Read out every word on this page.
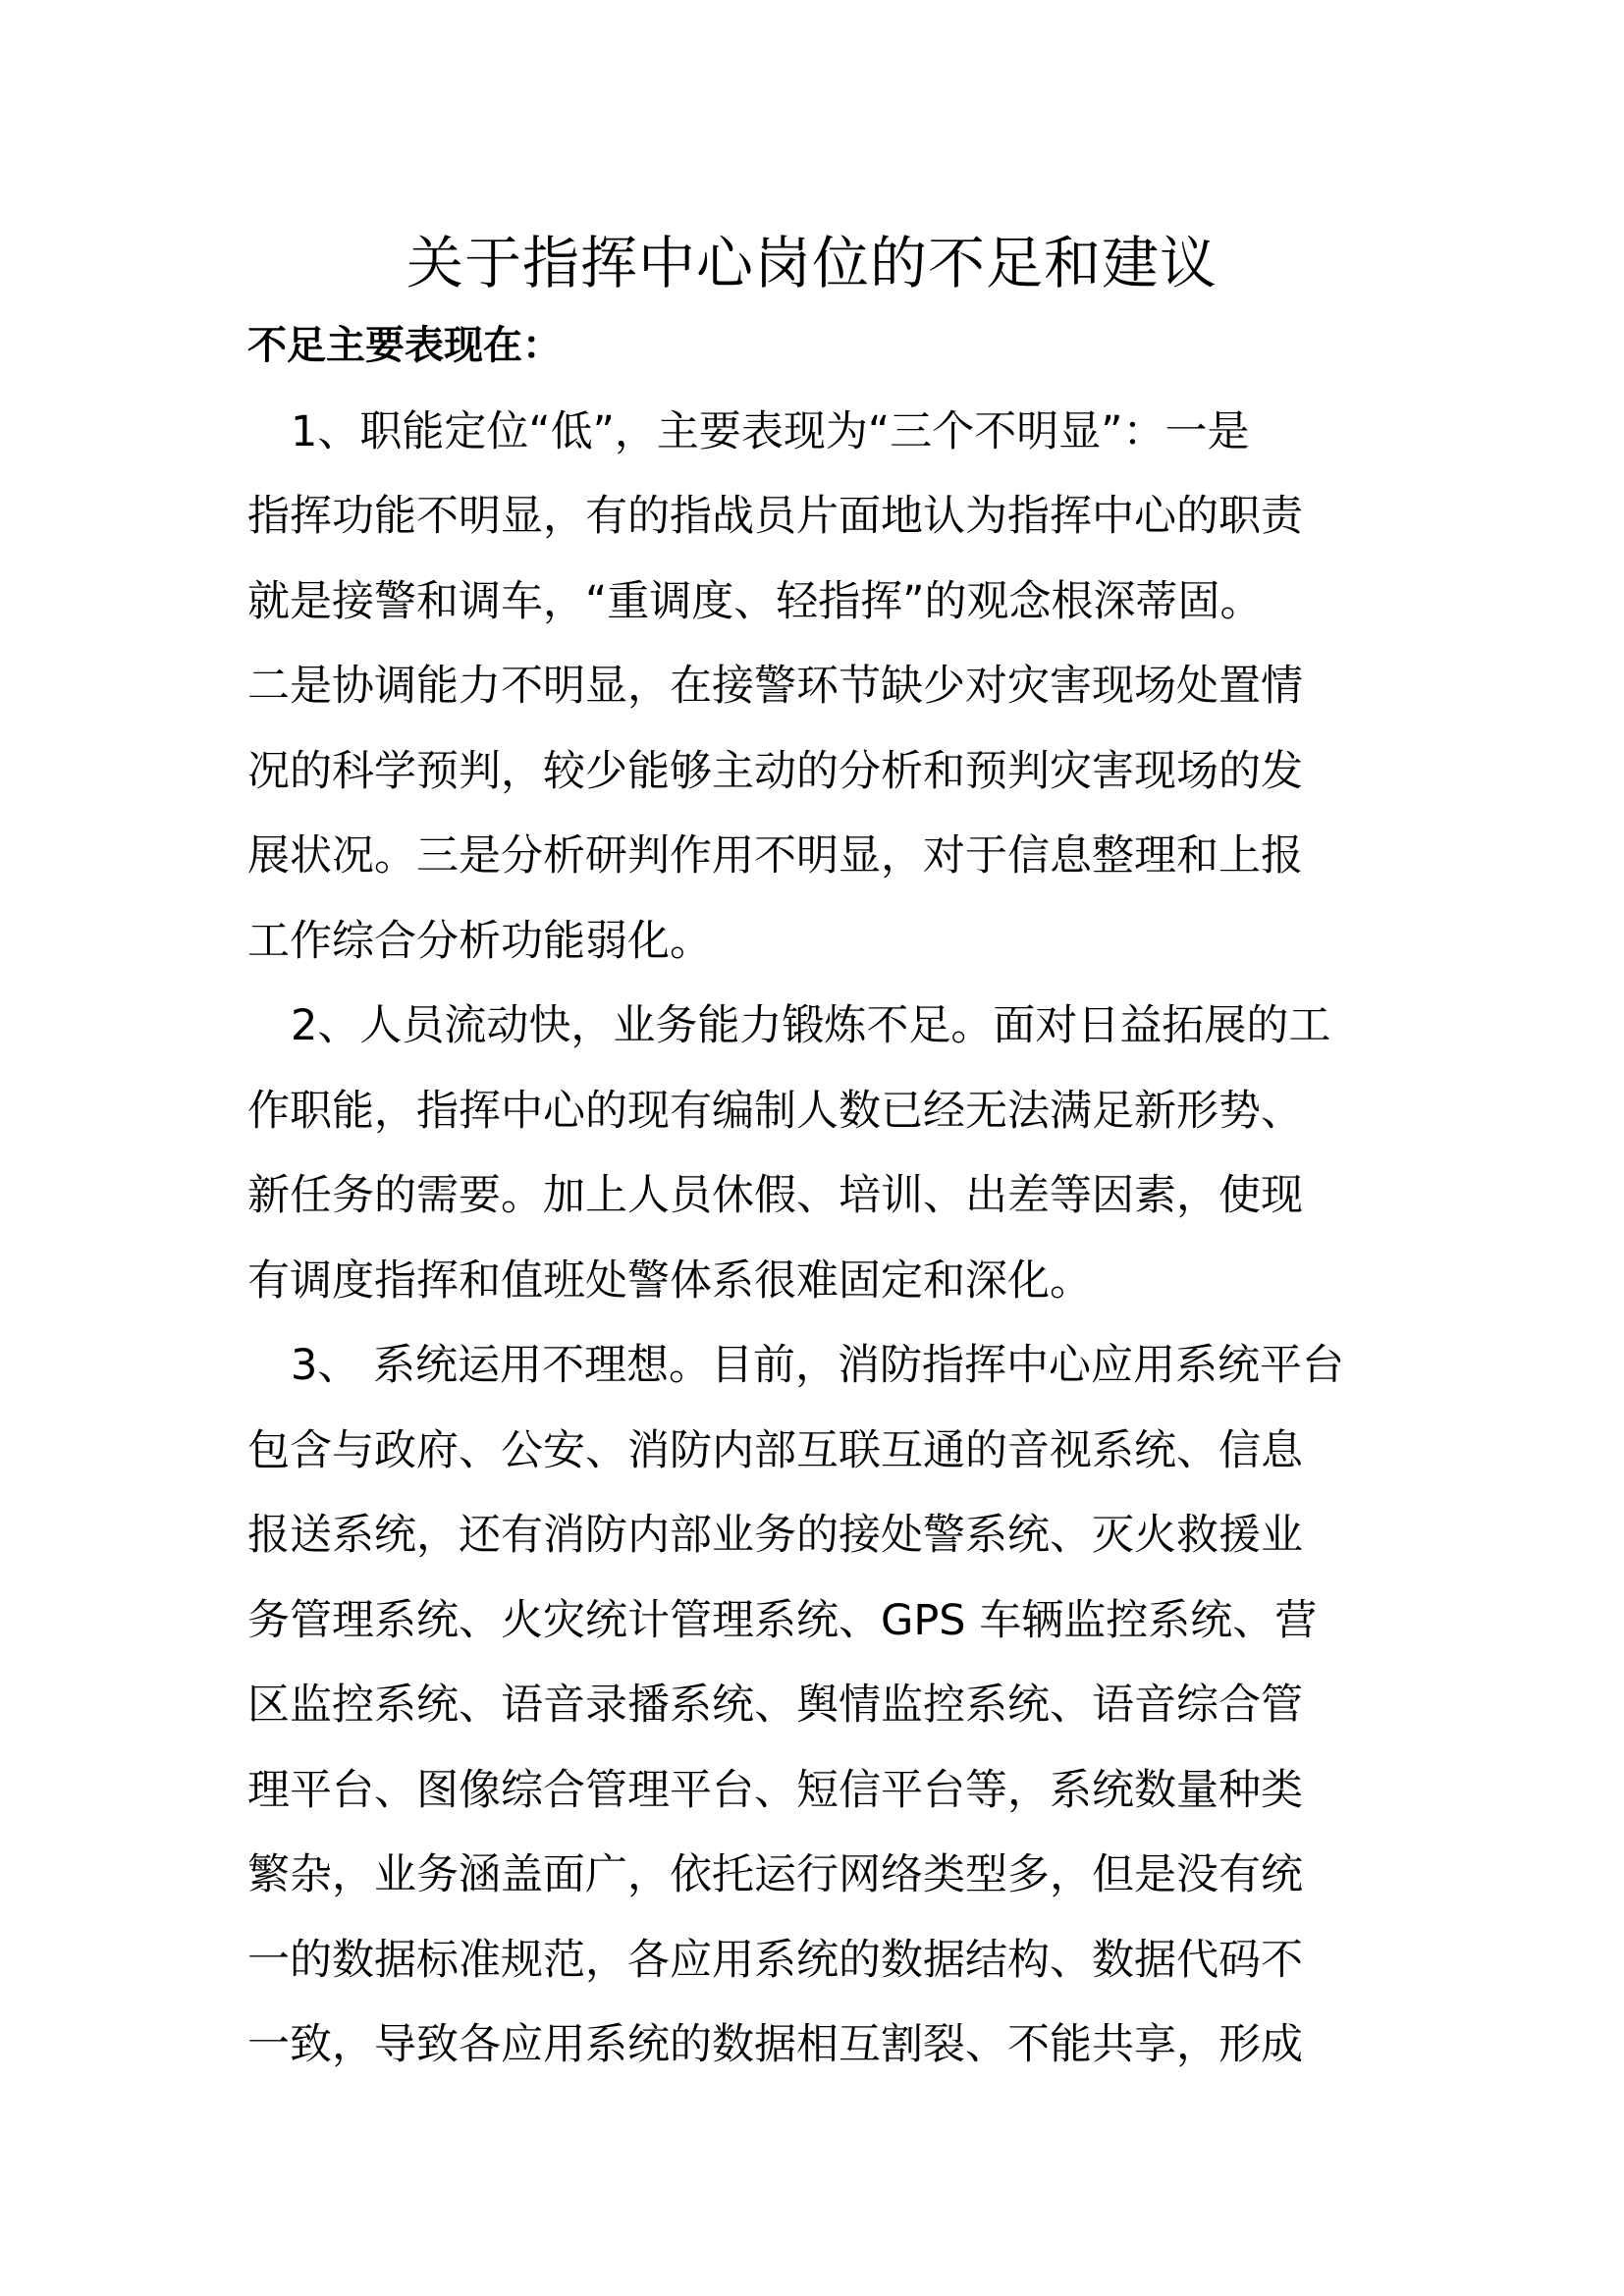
关于指挥中心岗位的不足和建议

不足主要表现在：

1、职能定位“低”，主要表现为“三个不明显”：一是

指挥功能不明显，有的指战员片面地认为指挥中心的职责

就是接警和调车，“重调度、轻指挥”的观念根深蒂固。

二是协调能力不明显，在接警环节缺少对灾害现场处置情

况的科学预判，较少能够主动的分析和预判灾害现场的发

展状况。三是分析研判作用不明显，对于信息整理和上报

工作综合分析功能弱化。

2、人员流动快，业务能力锻炼不足。面对日益拓展的工

作职能，指挥中心的现有编制人数已经无法满足新形势、

新任务的需要。加上人员休假、培训、出差等因素，使现

有调度指挥和值班处警体系很难固定和深化。

3、 系统运用不理想。目前，消防指挥中心应用系统平台

包含与政府、公安、消防内部互联互通的音视系统、信息

报送系统，还有消防内部业务的接处警系统、灭火救援业

务管理系统、火灾统计管理系统、GPS 车辆监控系统、营

区监控系统、语音录播系统、舆情监控系统、语音综合管

理平台、图像综合管理平台、短信平台等，系统数量种类

繁杂，业务涵盖面广，依托运行网络类型多，但是没有统

一的数据标准规范，各应用系统的数据结构、数据代码不

一致，导致各应用系统的数据相互割裂、不能共享，形成
